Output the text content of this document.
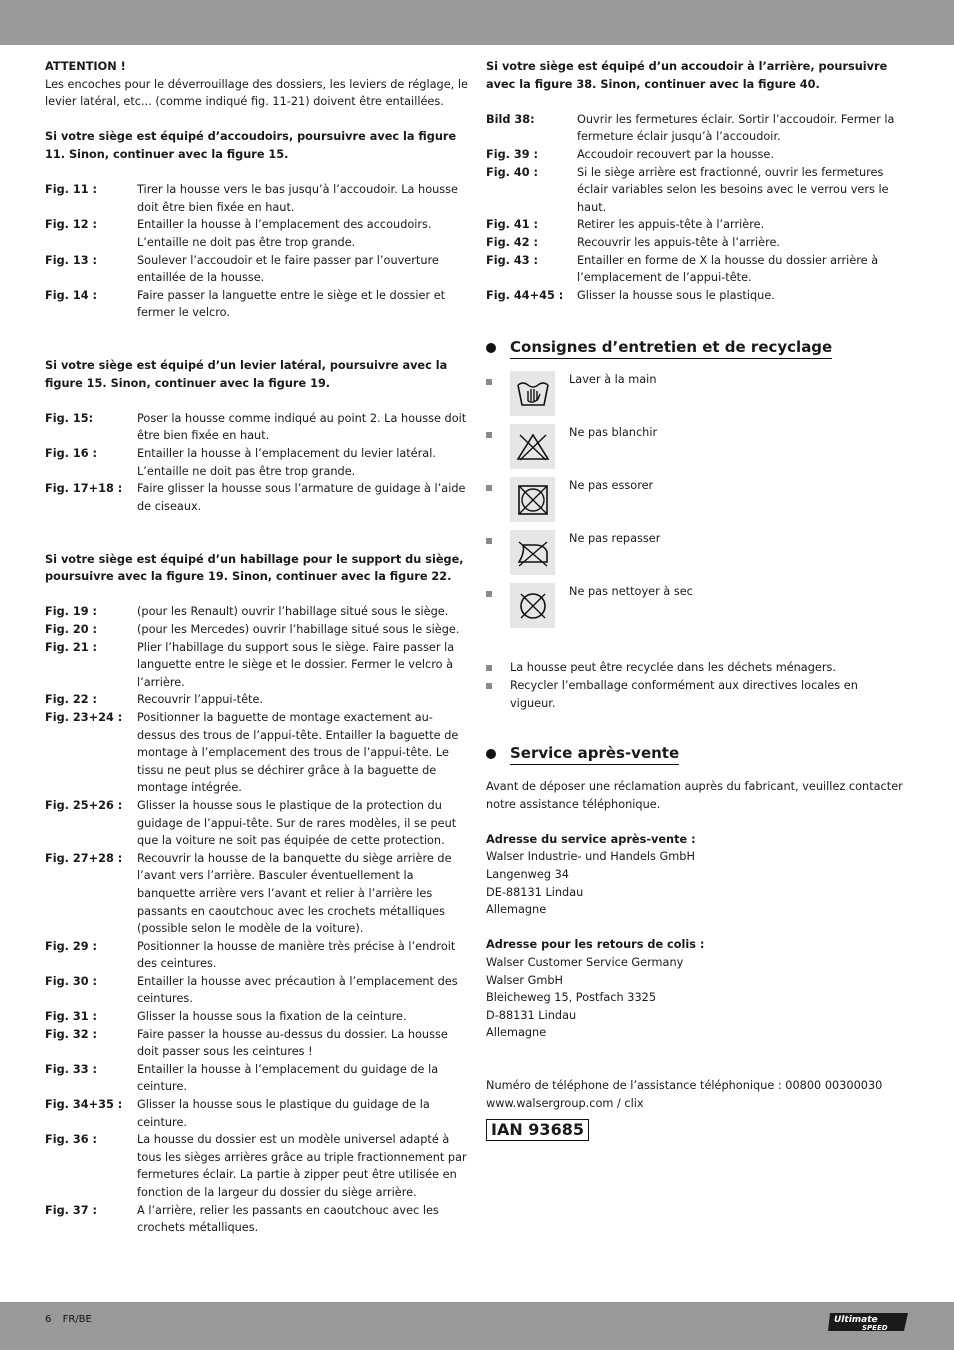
ATTENTION !

Les encoches pour le déverrouillage des dossiers, les leviers de réglage, le levier latéral, etc... (comme indiqué fig. 11-21) doivent être entaillées.

Si votre siège est équipé d’accoudoirs, poursuivre avec la figure 11. Sinon, continuer avec la figure 15.

Fig. 11 :	Tirer la housse vers le bas jusqu’à l’accoudoir. La housse doit être bien fixée en haut.
Fig. 12 :	Entailler la housse à l’emplacement des accoudoirs. L’entaille ne doit pas être trop grande.
Fig. 13 :	Soulever l’accoudoir et le faire passer par l’ouverture entaillée de la housse.
Fig. 14 :	Faire passer la languette entre le siège et le dossier et fermer le velcro.

Si votre siège est équipé d’un levier latéral, poursuivre avec la figure 15. Sinon, continuer avec la figure 19.

Fig. 15:	Poser la housse comme indiqué au point 2. La housse doit être bien fixée en haut.
Fig. 16 :	Entailler la housse à l’emplacement du levier latéral. L’entaille ne doit pas être trop grande.
Fig. 17+18 :	Faire glisser la housse sous l’armature de guidage à l’aide de ciseaux.

Si votre siège est équipé d’un habillage pour le support du siège, poursuivre avec la figure 19. Sinon, continuer avec la figure 22.

Fig. 19 :	(pour les Renault) ouvrir l’habillage situé sous le siège.
Fig. 20 :	(pour les Mercedes) ouvrir l’habillage situé sous le siège.
Fig. 21 :	Plier l’habillage du support sous le siège. Faire passer la languette entre le siège et le dossier. Fermer le velcro à l’arrière.
Fig. 22 :	Recouvrir l’appui-tête.
Fig. 23+24 :	Positionner la baguette de montage exactement au-dessus des trous de l’appui-tête. Entailler la baguette de montage à l’emplacement des trous de l’appui-tête. Le tissu ne peut plus se déchirer grâce à la baguette de montage intégrée.
Fig. 25+26 :	Glisser la housse sous le plastique de la protection du guidage de l’appui-tête. Sur de rares modèles, il se peut que la voiture ne soit pas équipée de cette protection.
Fig. 27+28 :	Recouvrir la housse de la banquette du siège arrière de l’avant vers l’arrière. Basculer éventuellement la banquette arrière vers l’avant et relier à l’arrière les passants en caoutchouc avec les crochets métalliques (possible selon le modèle de la voiture).
Fig. 29 :	Positionner la housse de manière très précise à l’endroit des ceintures.
Fig. 30 :	Entailler la housse avec précaution à l’emplacement des ceintures.
Fig. 31 :	Glisser la housse sous la fixation de la ceinture.
Fig. 32 :	Faire passer la housse au-dessus du dossier. La housse doit passer sous les ceintures !
Fig. 33 :	Entailler la housse à l’emplacement du guidage de la ceinture.
Fig. 34+35 :	Glisser la housse sous le plastique du guidage de la ceinture.
Fig. 36 :	La housse du dossier est un modèle universel adapté à tous les sièges arrières grâce au triple fractionnement par fermetures éclair. La partie à zipper peut être utilisée en fonction de la largeur du dossier du siège arrière.
Fig. 37 :	A l’arrière, relier les passants en caoutchouc avec les crochets métalliques.

Si votre siège est équipé d’un accoudoir à l’arrière, poursuivre avec la figure 38. Sinon, continuer avec la figure 40.

Bild 38:	Ouvrir les fermetures éclair. Sortir l’accoudoir. Fermer la fermeture éclair jusqu’à l’accoudoir.
Fig. 39 :	Accoudoir recouvert par la housse.
Fig. 40 :	Si le siège arrière est fractionné, ouvrir les fermetures éclair variables selon les besoins avec le verrou vers le haut.
Fig. 41 :	Retirer les appuis-tête à l’arrière.
Fig. 42 :	Recouvrir les appuis-tête à l’arrière.
Fig. 43 :	Entailler en forme de X la housse du dossier arrière à l’emplacement de l’appui-tête.
Fig. 44+45 :	Glisser la housse sous le plastique.
Consignes d’entretien et de recyclage
Laver à la main
Ne pas blanchir
Ne pas essorer
Ne pas repasser
Ne pas nettoyer à sec
La housse peut être recyclée dans les déchets ménagers.
Recycler l’emballage conformément aux directives locales en vigueur.
Service après-vente

Avant de déposer une réclamation auprès du fabricant, veuillez contacter notre assistance téléphonique.

Adresse du service après-vente :

Walser Industrie- und Handels GmbH

Langenweg 34

DE-88131 Lindau

Allemagne

Adresse pour les retours de colis :

Walser Customer Service Germany

Walser GmbH

Bleicheweg 15, Postfach 3325

D-88131 Lindau

Allemagne

Numéro de téléphone de l’assistance téléphonique : 00800 00300030

www.walsergroup.com / clix

IAN 93685
6 FR/BE	Ultimate
SPEED
